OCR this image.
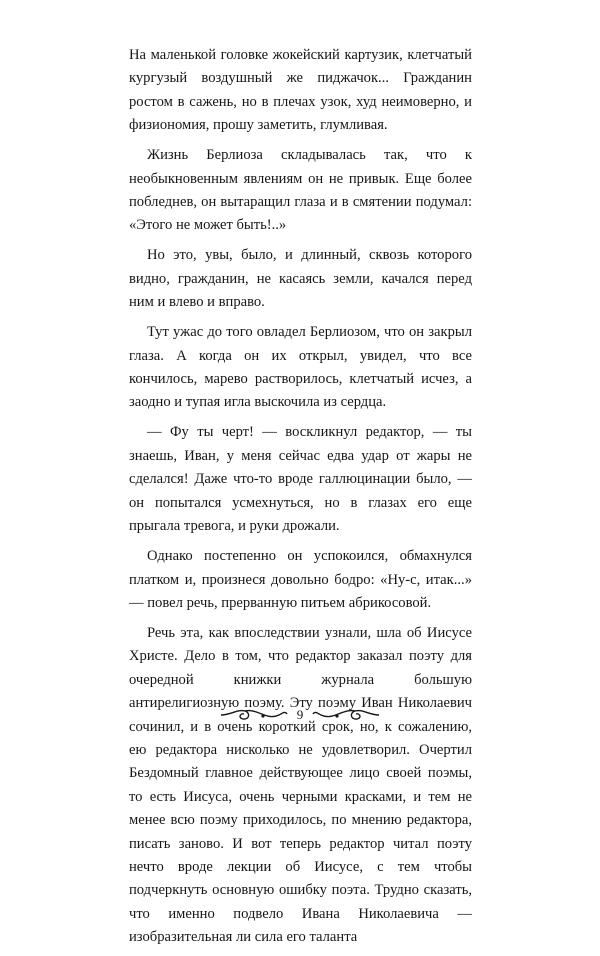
На маленькой головке жокейский картузик, клетчатый кургузый воздушный же пиджачок... Гражданин ростом в сажень, но в плечах узок, худ неимоверно, и физиономия, прошу заметить, глумливая.

Жизнь Берлиоза складывалась так, что к необыкновенным явлениям он не привык. Еще более побледнев, он вытаращил глаза и в смятении подумал: «Этого не может быть!..»

Но это, увы, было, и длинный, сквозь которого видно, гражданин, не касаясь земли, качался перед ним и влево и вправо.

Тут ужас до того овладел Берлиозом, что он закрыл глаза. А когда он их открыл, увидел, что все кончилось, марево растворилось, клетчатый исчез, а заодно и тупая игла выскочила из сердца.

— Фу ты черт! — воскликнул редактор, — ты знаешь, Иван, у меня сейчас едва удар от жары не сделался! Даже что-то вроде галлюцинации было, — он попытался усмехнуться, но в глазах его еще прыгала тревога, и руки дрожали.

Однако постепенно он успокоился, обмахнулся платком и, произнеся довольно бодро: «Ну-с, итак...» — повел речь, прерванную питьем абрикосовой.

Речь эта, как впоследствии узнали, шла об Иисусе Христе. Дело в том, что редактор заказал поэту для очередной книжки журнала большую антирелигиозную поэму. Эту поэму Иван Николаевич сочинил, и в очень короткий срок, но, к сожалению, ею редактора нисколько не удовлетворил. Очертил Бездомный главное действующее лицо своей поэмы, то есть Иисуса, очень черными красками, и тем не менее всю поэму приходилось, по мнению редактора, писать заново. И вот теперь редактор читал поэту нечто вроде лекции об Иисусе, с тем чтобы подчеркнуть основную ошибку поэта. Трудно сказать, что именно подвело Ивана Николаевича — изобразительная ли сила его таланта

9
